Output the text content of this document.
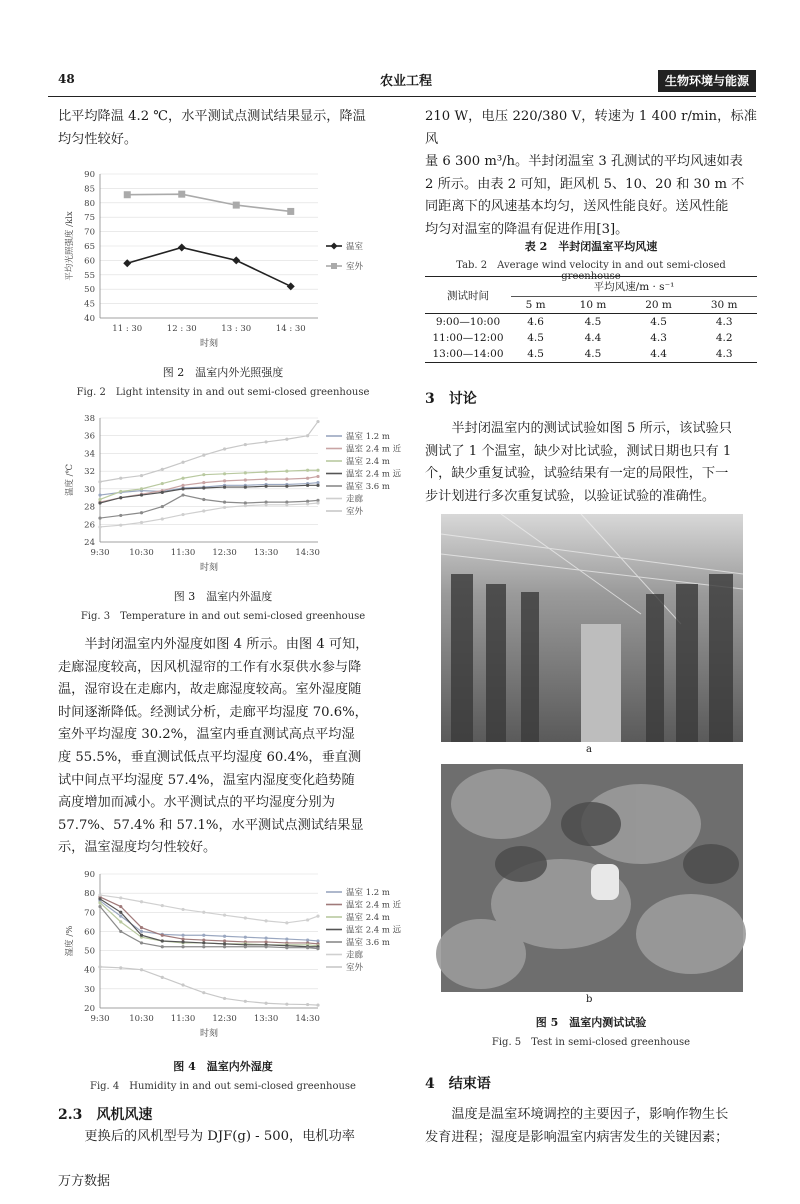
48	农业工程	生物环境与能源
比平均降温 4.2 ℃，水平测试点测试结果显示，降温
均匀性较好。
40
45
50
55
60
65
70
75
80
85
90
11 : 30	12 : 30	13 : 30	14 : 30
时刻
平均光照强度 /klx	温室
室外
图 2　温室内外光照强度
Fig. 2　Light intensity in and out semi-closed greenhouse
24
26
28
30
32
34
36
38
9:30 10:30 11:30 12:30 13:30 14:30
时刻
温度 /℃
温室 1.2 m
温室 2.4 m 近
温室 2.4 m
温室 2.4 m 远
温室 3.6 m
走廊
室外
图 3　温室内外温度
Fig. 3　Temperature in and out semi-closed greenhouse
　　半封闭温室内外湿度如图 4 所示。由图 4 可知，
走廊湿度较高，因风机湿帘的工作有水泵供水参与降
温，湿帘设在走廊内，故走廊湿度较高。室外湿度随
时间逐渐降低。经测试分析，走廊平均湿度 70.6%，
室外平均湿度 30.2%，温室内垂直测试高点平均湿
度 55.5%，垂直测试低点平均湿度 60.4%，垂直测
试中间点平均湿度 57.4%，温室内湿度变化趋势随
高度增加而减小。水平测试点的平均湿度分别为
57.7%、57.4% 和 57.1%，水平测试点测试结果显
示，温室湿度均匀性较好。
20
30
40
50
60
70
80
90
9:30 10:30 11:30 12:30 13:30 14:30
时刻
湿度 /%
温室 1.2 m
温室 2.4 m 近
温室 2.4 m
温室 2.4 m 远
温室 3.6 m
走廊
室外
图 4　温室内外湿度
Fig. 4　Humidity in and out semi-closed greenhouse
2.3　风机风速
　　更换后的风机型号为 DJF(g) - 500，电机功率
210 W，电压 220/380 V，转速为 1 400 r/min，标准风
量 6 300 m³/h。半封闭温室 3 孔测试的平均风速如表
2 所示。由表 2 可知，距风机 5、10、20 和 30 m 不
同距离下的风速基本均匀，送风性能良好。送风性能
均匀对温室的降温有促进作用[3]。
表 2　半封闭温室平均风速
Tab. 2　Average wind velocity in and out semi-closed greenhouse
测试时间	平均风速/m · s⁻¹			
	5 m	10 m	20 m	30 m
9:00—10:00	4.6	4.5	4.5	4.3
11:00—12:00	4.5	4.4	4.3	4.2
13:00—14:00	4.5	4.5	4.4	4.3
3　讨论
　　半封闭温室内的测试试验如图 5 所示，该试验只
测试了 1 个温室，缺少对比试验，测试日期也只有 1
个，缺少重复试验，试验结果有一定的局限性，下一
步计划进行多次重复试验，以验证试验的准确性。
a
b
图 5　温室内测试试验
Fig. 5　Test in semi-closed greenhouse
4　结束语
　　温度是温室环境调控的主要因子，影响作物生长
发育进程；湿度是影响温室内病害发生的关键因素；
万方数据
